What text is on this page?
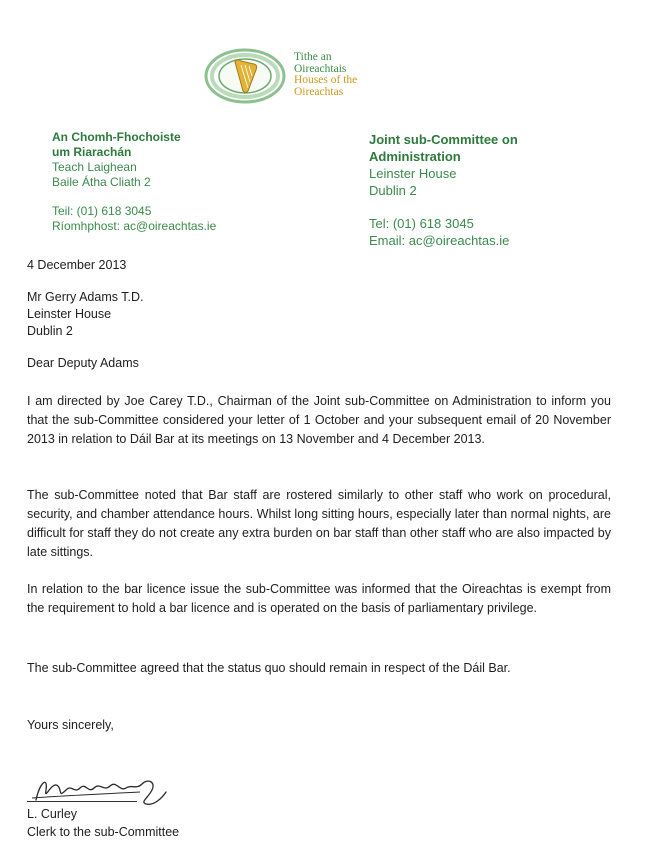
Tithe an
Oireachtais
Houses of the
Oireachtas
An Chomh-Fhochoiste
um Riarachán
Teach Laighean
Baile Átha Cliath 2
Teil: (01) 618 3045
Ríomhphost: ac@oireachtas.ie
Joint sub-Committee on
Administration
Leinster House
Dublin 2
Tel: (01) 618 3045
Email: ac@oireachtas.ie
4 December 2013
Mr Gerry Adams T.D.
Leinster House
Dublin 2
Dear Deputy Adams
I am directed by Joe Carey T.D., Chairman of the Joint sub-Committee on Administration to inform you that the sub-Committee considered your letter of 1 October and your subsequent email of 20 November 2013 in relation to Dáil Bar at its meetings on 13 November and 4 December 2013.
The sub-Committee noted that Bar staff are rostered similarly to other staff who work on procedural, security, and chamber attendance hours. Whilst long sitting hours, especially later than normal nights, are difficult for staff they do not create any extra burden on bar staff than other staff who are also impacted by late sittings.
In relation to the bar licence issue the sub-Committee was informed that the Oireachtas is exempt from the requirement to hold a bar licence and is operated on the basis of parliamentary privilege.
The sub-Committee agreed that the status quo should remain in respect of the Dáil Bar.
Yours sincerely,
L. Curley
Clerk to the sub-Committee
